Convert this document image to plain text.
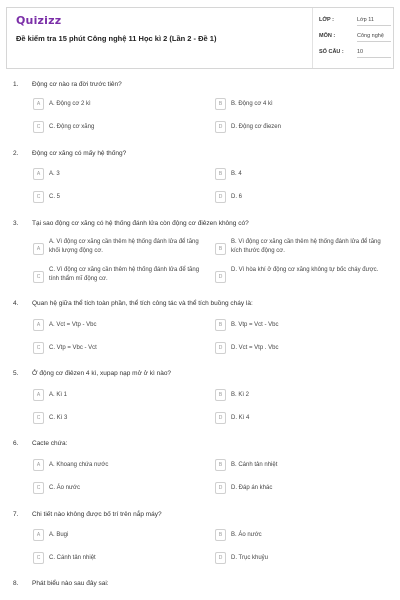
Quizizz
Đề kiểm tra 15 phút Công nghệ 11 Học kì 2 (Lần 2 - Đề 1)
LỚP :	Lớp 11
MÔN :	Công nghệ
SỐ CÂU : 10
1. Động cơ nào ra đời trước tiên?
A	A. Động cơ 2 kì	B	B. Động cơ 4 kì
C	C. Động cơ xăng	D	D. Động cơ điezen
2. Động cơ xăng có mấy hệ thống?
A	A. 3	B	B. 4
C	C. 5	D	D. 6
3. Tại sao động cơ xăng có hệ thống đánh lửa còn động cơ điêzen không có?
A
A. Vì động cơ xăng cần thêm hệ thống đánh lửa để tăng khối lượng động cơ.	B
B. Vì động cơ xăng cần thêm hệ thống đánh lửa để tăng kích thước động cơ.
C
C. Vì động cơ xăng cần thêm hệ thống đánh lửa để tăng tính thẩm mĩ động cơ.	D
D. Vì hòa khí ở động cơ xăng không tự bốc cháy được.
4. Quan hệ giữa thể tích toàn phần, thể tích công tác và thể tích buồng cháy là:
A	A. Vct = Vtp - Vbc	B	B. Vtp = Vct - Vbc
C	C. Vtp = Vbc - Vct	D	D. Vct = Vtp . Vbc
5. Ở động cơ điêzen 4 kì, xupap nạp mở ở kì nào?
A	A. Kì 1	B	B. Kì 2
C	C. Kì 3	D	D. Kì 4
6. Cacte chứa:
A	A. Khoang chứa nước	B	B. Cánh tản nhiệt
C	C. Áo nước	D	D. Đáp án khác
7. Chi tiết nào không được bố trí trên nắp máy?
A	A. Bugi	B	B. Áo nước
C	C. Cánh tản nhiệt	D	D. Trục khuỷu
8. Phát biểu nào sau đây sai:
